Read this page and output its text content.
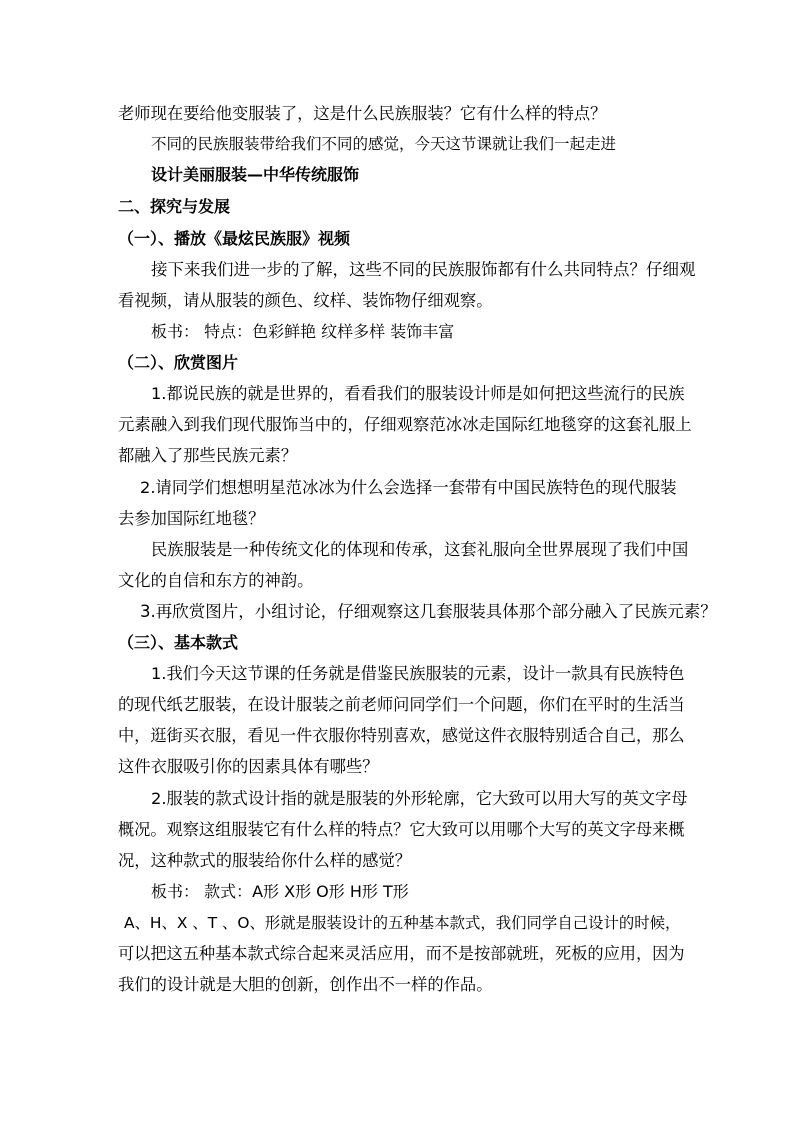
老师现在要给他变服装了，这是什么民族服装？它有什么样的特点？
不同的民族服装带给我们不同的感觉，今天这节课就让我们一起走进
设计美丽服装—中华传统服饰
二、探究与发展
（一）、播放《最炫民族服》视频
接下来我们进一步的了解，这些不同的民族服饰都有什么共同特点？仔细观
看视频，请从服装的颜色、纹样、装饰物仔细观察。
板书： 特点：色彩鲜艳 纹样多样 装饰丰富
（二）、欣赏图片
1.都说民族的就是世界的，看看我们的服装设计师是如何把这些流行的民族
元素融入到我们现代服饰当中的，仔细观察范冰冰走国际红地毯穿的这套礼服上
都融入了那些民族元素？
2.请同学们想想明星范冰冰为什么会选择一套带有中国民族特色的现代服装
去参加国际红地毯？
民族服装是一种传统文化的体现和传承，这套礼服向全世界展现了我们中国
文化的自信和东方的神韵。
3.再欣赏图片，小组讨论，仔细观察这几套服装具体那个部分融入了民族元素？
（三）、基本款式
1.我们今天这节课的任务就是借鉴民族服装的元素，设计一款具有民族特色
的现代纸艺服装，在设计服装之前老师问同学们一个问题，你们在平时的生活当
中，逛街买衣服，看见一件衣服你特别喜欢，感觉这件衣服特别适合自己，那么
这件衣服吸引你的因素具体有哪些？
2.服装的款式设计指的就是服装的外形轮廓，它大致可以用大写的英文字母
概况。观察这组服装它有什么样的特点？它大致可以用哪个大写的英文字母来概
况，这种款式的服装给你什么样的感觉？
板书： 款式：A形 X形 O形 H形 T形
A、H、X 、T 、O、形就是服装设计的五种基本款式，我们同学自己设计的时候，
可以把这五种基本款式综合起来灵活应用，而不是按部就班，死板的应用，因为
我们的设计就是大胆的创新，创作出不一样的作品。
